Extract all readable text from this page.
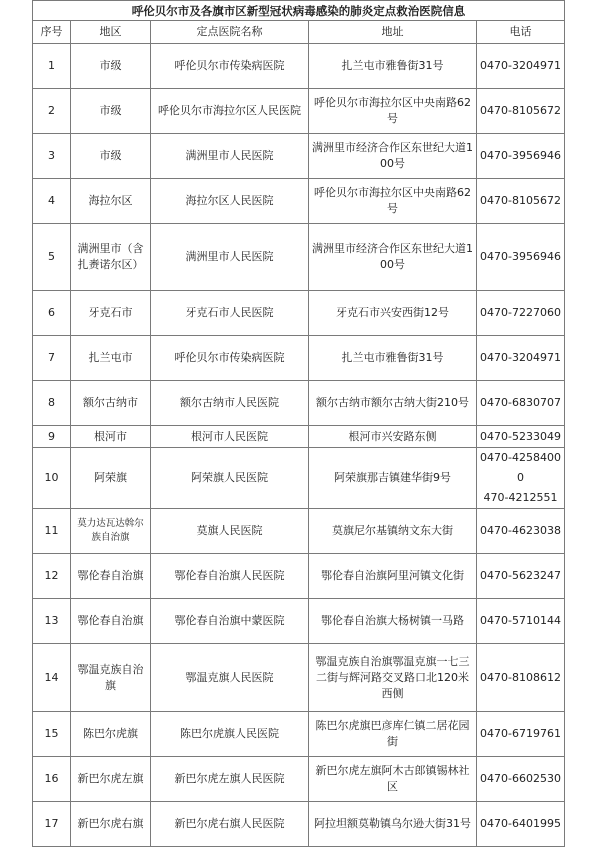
呼伦贝尔市及各旗市区新型冠状病毒感染的肺炎定点救治医院信息				
序号	地区	定点医院名称	地址	电话
1	市级	呼伦贝尔市传染病医院	扎兰屯市雅鲁街31号	0470-3204971
2	市级	呼伦贝尔市海拉尔区人民医院	呼伦贝尔市海拉尔区中央南路62号	0470-8105672
3	市级	满洲里市人民医院	满洲里市经济合作区东世纪大道100号	0470-3956946
4	海拉尔区	海拉尔区人民医院	呼伦贝尔市海拉尔区中央南路62号	0470-8105672
5	满洲里市（含扎赉诺尔区）	满洲里市人民医院	满洲里市经济合作区东世纪大道100号	0470-3956946
6	牙克石市	牙克石市人民医院	牙克石市兴安西街12号	0470-7227060
7	扎兰屯市	呼伦贝尔市传染病医院	扎兰屯市雅鲁街31号	0470-3204971
8	额尔古纳市	额尔古纳市人民医院	额尔古纳市额尔古纳大街210号	0470-6830707
9	根河市	根河市人民医院	根河市兴安路东侧	0470-5233049
10	阿荣旗	阿荣旗人民医院	阿荣旗那吉镇建华街9号	0470-42584000
470-4212551

11	莫力达瓦达斡尔族自治旗	莫旗人民医院	莫旗尼尔基镇纳文东大街	0470-4623038
12	鄂伦春自治旗	鄂伦春自治旗人民医院	鄂伦春自治旗阿里河镇文化街	0470-5623247
13	鄂伦春自治旗	鄂伦春自治旗中蒙医院	鄂伦春自治旗大杨树镇一马路	0470-5710144
14	鄂温克族自治旗	鄂温克旗人民医院	鄂温克族自治旗鄂温克旗一七三二街与辉河路交叉路口北120米西侧	0470-8108612
15	陈巴尔虎旗	陈巴尔虎旗人民医院	陈巴尔虎旗巴彦库仁镇二居花园街	0470-6719761
16	新巴尔虎左旗	新巴尔虎左旗人民医院	新巴尔虎左旗阿木古郎镇锡林社区	0470-6602530
17	新巴尔虎右旗	新巴尔虎右旗人民医院	阿拉坦额莫勒镇乌尔逊大街31号	0470-6401995
